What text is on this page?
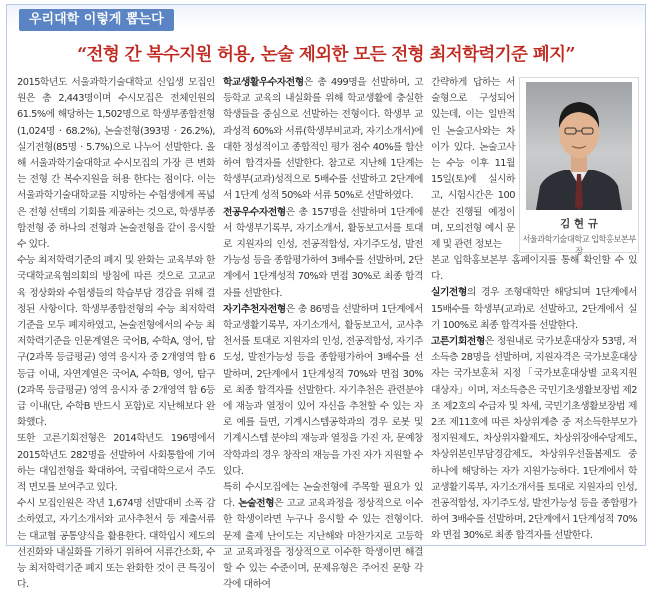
우리대학 이렇게 뽑는다
“전형 간 복수지원 허용, 논술 제외한 모든 전형 최저학력기준 폐지”

2015학년도 서울과학기술대학교 신입생 모집인원은 총 2,443명이며 수시모집은 전체인원의 61.5%에 해당하는 1,502명으로 학생부종합전형(1,024명 · 68.2%), 논술전형(393명 · 26.2%), 실기전형(85명 · 5.7%)으로 나누어 선발한다. 올해 서울과학기술대학교 수시모집의 가장 큰 변화는 전형 간 복수지원을 허용 한다는 점이다. 이는 서울과학기술대학교를 지망하는 수험생에게 폭넓은 전형 선택의 기회를 제공하는 것으로, 학생부종합전형 중 하나의 전형과 논술전형을 같이 응시할 수 있다.

수능 최저학력기준의 폐지 및 완화는 교육부와 한국대학교육협의회의 방침에 따른 것으로 고교교육 정상화와 수험생들의 학습부담 경감을 위해 결정된 사항이다. 학생부종합전형의 수능 최저학력기준을 모두 폐지하였고, 논술전형에서의 수능 최저학력기준을 인문계열은 국어B, 수학A, 영어, 탐구(2과목 등급평균) 영역 응시자 중 2개영역 합 6등급 이내, 자연계열은 국어A, 수학B, 영어, 탐구(2과목 등급평균) 영역 응시자 중 2개영역 합 6등급 이내(단, 수학B 반드시 포함)로 지난해보다 완화했다.

또한 고른기회전형은 2014학년도 196명에서 2015학년도 282명을 선발하여 사회통합에 기여하는 대입전형을 확대하여, 국립대학으로서 주도적 면모를 보여주고 있다.

수시 모집인원은 작년 1,674명 선발대비 소폭 감소하였고, 자기소개서와 교사추천서 등 제출서류는 대교협 공통양식을 활용한다. 대학입시 제도의 선진화와 내실화를 기하기 위하여 서류간소화, 수능 최저학력기준 폐지 또는 완화한 것이 큰 특징이다.

학교생활우수자전형은 총 499명을 선발하며, 고등학교 교육의 내실화를 위해 학교생활에 충실한 학생들을 중심으로 선발하는 전형이다. 학생부 교과성적 60%와 서류(학생부비교과, 자기소개서)에 대한 정성적이고 종합적인 평가 점수 40%를 합산하여 합격자를 선발한다. 참고로 지난해 1단계는 학생부(교과)성적으로 5배수를 선발하고 2단계에서 1단계 성적 50%와 서류 50%로 선발하였다.

전공우수자전형은 총 157명을 선발하며 1단계에서 학생부기록부, 자기소개서, 활동보고서를 토대로 지원자의 인성, 전공적합성, 자기주도성, 발전가능성 등을 종합평가하여 3배수를 선발하며, 2단계에서 1단계성적 70%와 면접 30%로 최종 합격자를 선발한다.

자기추천자전형은 총 86명을 선발하며 1단계에서 학교생활기록부, 자기소개서, 활동보고서, 교사추천서를 토대로 지원자의 인성, 전공적합성, 자기주도성, 발전가능성 등을 종합평가하여 3배수를 선발하며, 2단계에서 1단계성적 70%와 면접 30%로 최종 합격자를 선발한다. 자기추천은 관련분야에 재능과 열정이 있어 자신을 추천할 수 있는 자로 예를 들면, 기계시스템공학과의 경우 로봇 및 기계시스템 분야의 재능과 열정을 가진 자, 문예창작학과의 경우 창작의 재능을 가진 자가 지원할 수 있다.

특히 수시모집에는 논술전형에 주목할 필요가 있다. 논술전형은 고교 교육과정을 정상적으로 이수한 학생이라면 누구나 응시할 수 있는 전형이다. 문제 출제 난이도는 지난해와 마찬가지로 고등학교 교육과정을 정상적으로 이수한 학생이면 해결할 수 있는 수준이며, 문제유형은 주어진 문항 각각에 대하여

간략하게 답하는 서술형으로 구성되어 있는데, 이는 일반적인 논술고사와는 차이가 있다. 논술고사는 수능 이후 11월 15일(토)에 실시하고, 시험시간은 100분간 진행될 예정이며, 모의전형 예시 문제 및 관련 정보는

김 현 규
서울과학기술대학교 입학홍보본부장

본교 입학홍보본부 홈페이지를 통해 확인할 수 있다.

실기전형의 경우 조형대학만 해당되며 1단계에서 15배수를 학생부(교과)로 선발하고, 2단계에서 실기 100%로 최종 합격자를 선발한다.

고른기회전형은 정원내로 국가보훈대상자 53명, 저소득층 28명을 선발하며, 지원자격은 국가보훈대상자는 국가보훈처 지정「국가보훈대상별 교육지원 대상자」이며, 저소득층은 국민기초생활보장법 제2조 제2호의 수급자 및 차세, 국민기초생활보장법 제2조 제11호에 따른 차상위계층 중 저소득한부모가정지원제도, 차상위자활제도, 차상위장애수당제도, 차상위본인부담경감제도, 차상위우선돌봄제도 중 하나에 해당하는 자가 지원가능하다. 1단계에서 학교생활기록부, 자기소개서를 토대로 지원자의 인성, 전공적합성, 자기주도성, 발전가능성 등을 종합평가하여 3배수를 선발하며, 2단계에서 1단계성적 70%와 면접 30%로 최종 합격자를 선발한다.
